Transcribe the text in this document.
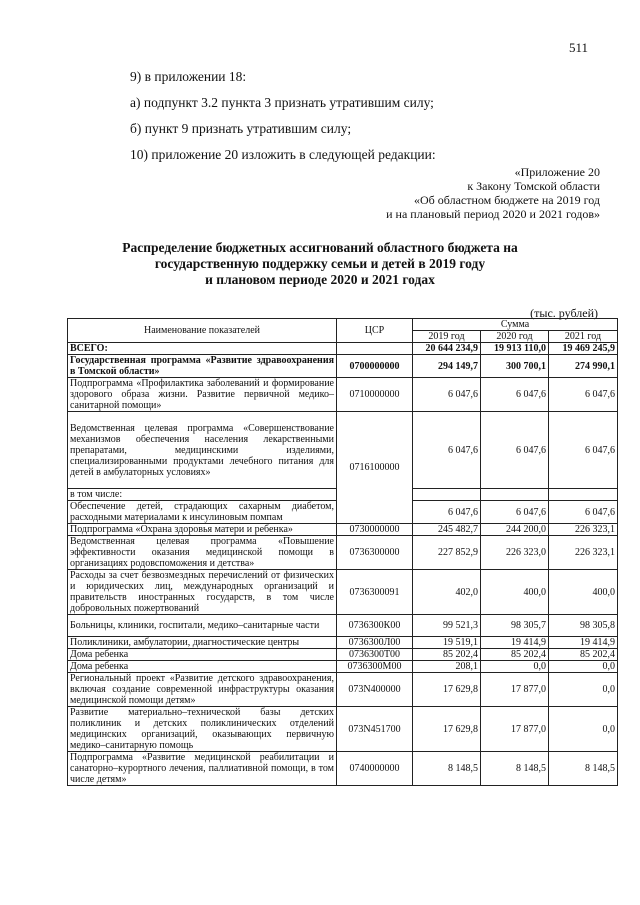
511
9) в приложении 18:
а) подпункт 3.2 пункта 3 признать утратившим силу;
б) пункт 9 признать утратившим силу;
10) приложение 20 изложить в следующей редакции:
«Приложение 20
к Закону Томской области
«Об областном бюджете на 2019 год
и на плановый период 2020 и 2021 годов»
Распределение бюджетных ассигнований областного бюджета на
государственную поддержку семьи и детей в 2019 году
и плановом периоде 2020 и 2021 годах
(тыс. рублей)
Наименование показателей	ЦСР	Сумма		
		2019 год	2020 год	2021 год
ВСЕГО:		20 644 234,9	19 913 110,0	19 469 245,9
Государственная программа «Развитие здравоохранения в Томской области»	0700000000	294 149,7	300 700,1	274 990,1
Подпрограмма «Профилактика заболеваний и формирование здорового образа жизни. Развитие первичной медико–санитарной помощи»	0710000000	6 047,6	6 047,6	6 047,6
Ведомственная целевая программа «Совершенствование механизмов обеспечения населения лекарственными препаратами, медицинскими изделиями, специализированными продуктами лечебного питания для детей в амбулаторных условиях»	0716100000	6 047,6	6 047,6	6 047,6
в том числе:				
Обеспечение детей, страдающих сахарным диабетом, расходными материалами к инсулиновым помпам		6 047,6	6 047,6	6 047,6
Подпрограмма «Охрана здоровья матери и ребенка»	0730000000	245 482,7	244 200,0	226 323,1
Ведомственная целевая программа «Повышение эффективности оказания медицинской помощи в организациях родовспоможения и детства»	0736300000	227 852,9	226 323,0	226 323,1
Расходы за счет безвозмездных перечислений от физических и юридических лиц, международных организаций и правительств иностранных государств, в том числе добровольных пожертвований	0736300091	402,0	400,0	400,0
Больницы, клиники, госпитали, медико–санитарные части	0736300К00	99 521,3	98 305,7	98 305,8
Поликлиники, амбулатории, диагностические центры	0736300Л00	19 519,1	19 414,9	19 414,9
Дома ребенка	0736300Т00	85 202,4	85 202,4	85 202,4
Дома ребенка	0736300М00	208,1	0,0	0,0
Региональный проект «Развитие детского здравоохранения, включая создание современной инфраструктуры оказания медицинской помощи детям»	073N400000	17 629,8	17 877,0	0,0
Развитие материально–технической базы детских поликлиник и детских поликлинических отделений медицинских организаций, оказывающих первичную медико–санитарную помощь	073N451700	17 629,8	17 877,0	0,0
Подпрограмма «Развитие медицинской реабилитации и санаторно–курортного лечения, паллиативной помощи, в том числе детям»	0740000000	8 148,5	8 148,5	8 148,5
